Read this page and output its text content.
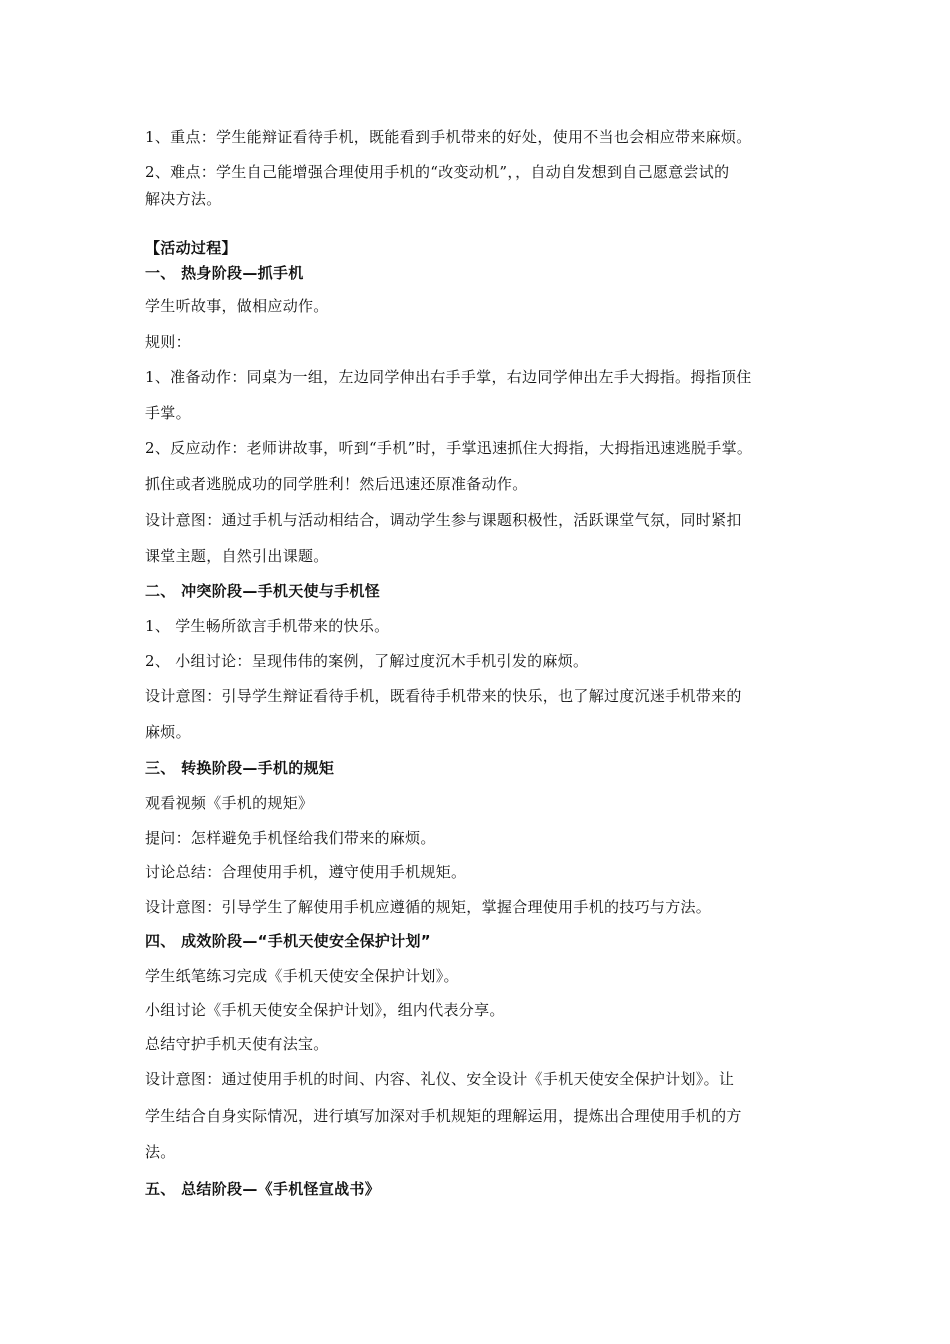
1、重点：学生能辩证看待手机，既能看到手机带来的好处，使用不当也会相应带来麻烦。
2、难点：学生自己能增强合理使用手机的“改变动机”，，自动自发想到自己愿意尝试的
解决方法。
【活动过程】
一、 热身阶段—抓手机
学生听故事，做相应动作。
规则：
1、准备动作：同桌为一组，左边同学伸出右手手掌，右边同学伸出左手大拇指。拇指顶住
手掌。
2、反应动作：老师讲故事，听到“手机”时，手掌迅速抓住大拇指，大拇指迅速逃脱手掌。
抓住或者逃脱成功的同学胜利！然后迅速还原准备动作。
设计意图：通过手机与活动相结合，调动学生参与课题积极性，活跃课堂气氛，同时紧扣
课堂主题，自然引出课题。
二、 冲突阶段—手机天使与手机怪
1、 学生畅所欲言手机带来的快乐。
2、 小组讨论：呈现伟伟的案例，了解过度沉木手机引发的麻烦。
设计意图：引导学生辩证看待手机，既看待手机带来的快乐，也了解过度沉迷手机带来的
麻烦。
三、 转换阶段—手机的规矩
观看视频《手机的规矩》
提问：怎样避免手机怪给我们带来的麻烦。
讨论总结：合理使用手机，遵守使用手机规矩。
设计意图：引导学生了解使用手机应遵循的规矩，掌握合理使用手机的技巧与方法。
四、 成效阶段—“手机天使安全保护计划”
学生纸笔练习完成《手机天使安全保护计划》。
小组讨论《手机天使安全保护计划》，组内代表分享。
总结守护手机天使有法宝。
设计意图：通过使用手机的时间、内容、礼仪、安全设计《手机天使安全保护计划》。让
学生结合自身实际情况，进行填写加深对手机规矩的理解运用，提炼出合理使用手机的方
法。
五、 总结阶段—《手机怪宣战书》
